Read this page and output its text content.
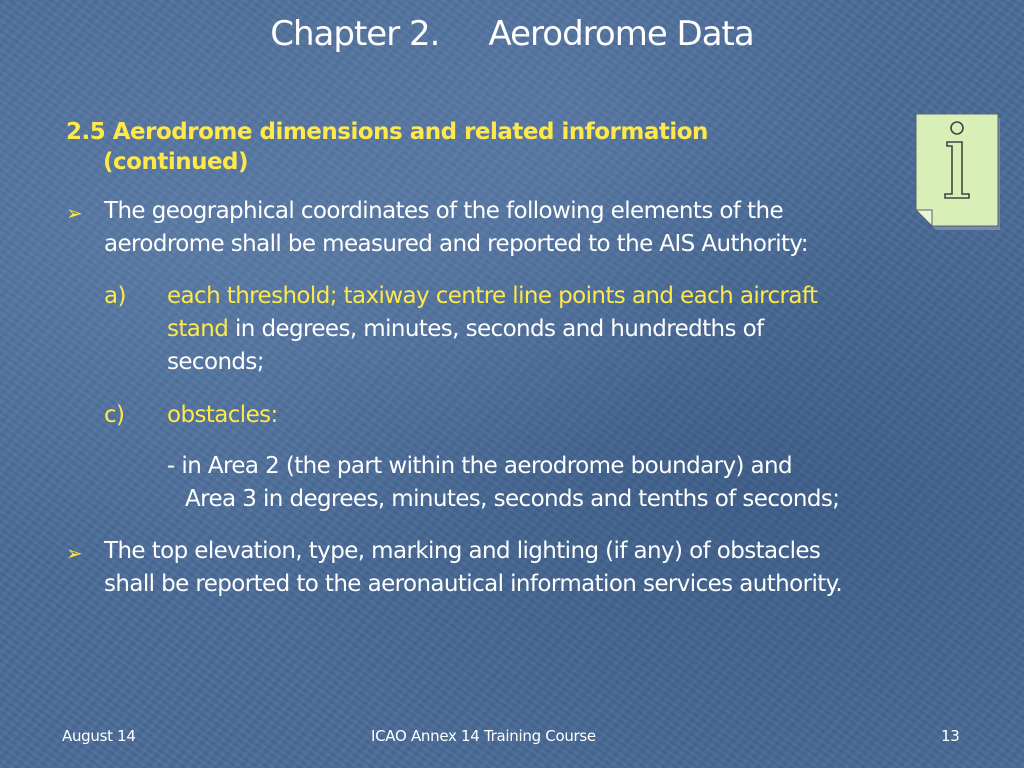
Chapter 2.     Aerodrome Data
2.5 Aerodrome dimensions and related information
(continued)
➢ The geographical coordinates of the following elements of the
aerodrome shall be measured and reported to the AIS Authority:
a) each threshold; taxiway centre line points and each aircraft
stand in degrees, minutes, seconds and hundredths of
seconds;
c) obstacles:
- in Area 2 (the part within the aerodrome boundary) and
Area 3 in degrees, minutes, seconds and tenths of seconds;
➢ The top elevation, type, marking and lighting (if any) of obstacles
shall be reported to the aeronautical information services authority.
August 14	ICAO Annex 14 Training Course	13
